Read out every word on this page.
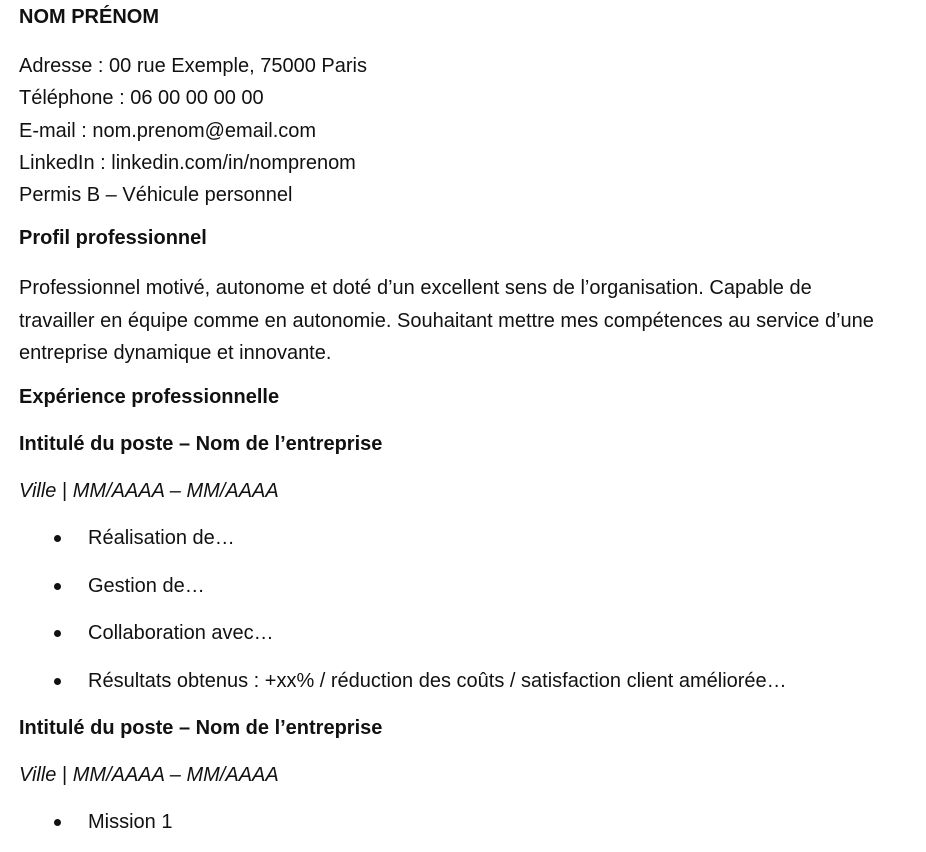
NOM PRÉNOM
Adresse : 00 rue Exemple, 75000 Paris
Téléphone : 06 00 00 00 00
E-mail : nom.prenom@email.com
LinkedIn : linkedin.com/in/nomprenom
Permis B – Véhicule personnel
Profil professionnel
Professionnel motivé, autonome et doté d’un excellent sens de l’organisation. Capable de travailler en équipe comme en autonomie. Souhaitant mettre mes compétences au service d’une entreprise dynamique et innovante.
Expérience professionnelle
Intitulé du poste – Nom de l’entreprise
Ville | MM/AAAA – MM/AAAA
Réalisation de…
Gestion de…
Collaboration avec…
Résultats obtenus : +xx% / réduction des coûts / satisfaction client améliorée…
Intitulé du poste – Nom de l’entreprise
Ville | MM/AAAA – MM/AAAA
Mission 1
